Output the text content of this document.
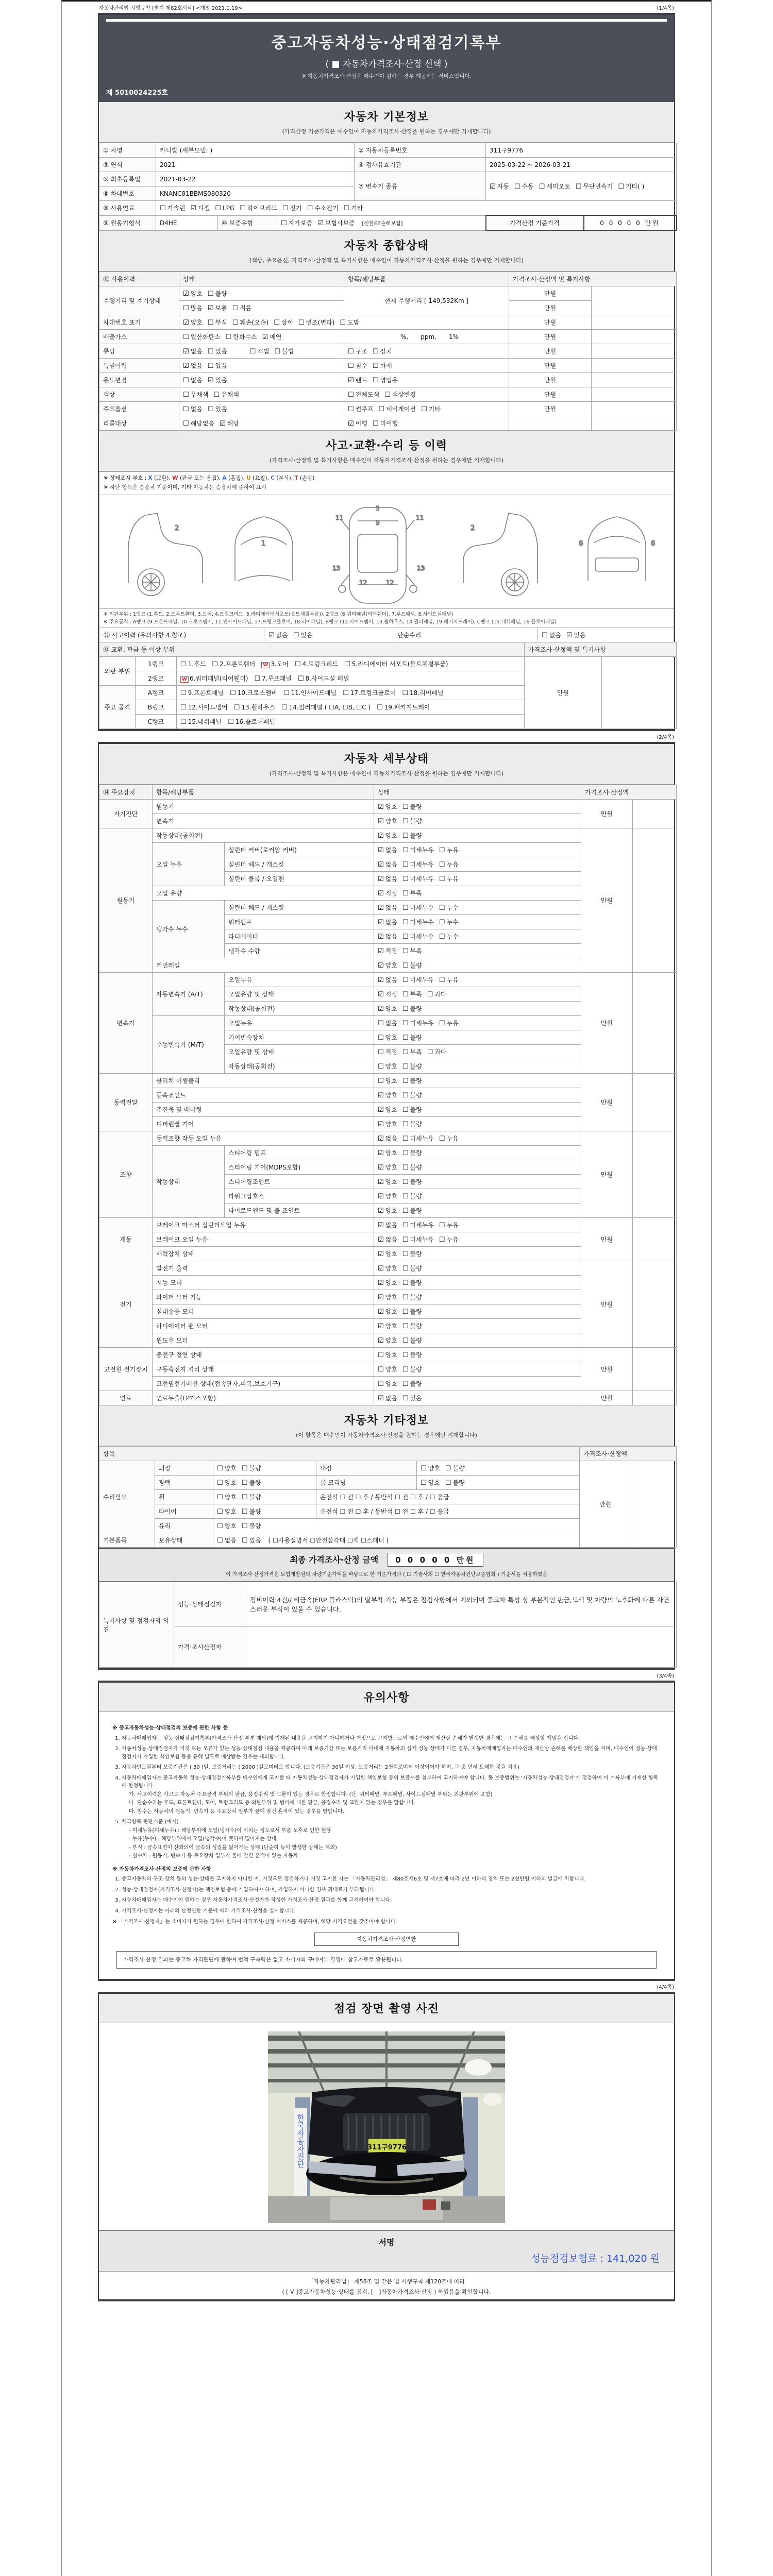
자동차관리법 시행규칙 [별지 제82호서식] <개정 2021.1.19>	(1/4쪽)
중고자동차성능·상태점검기록부
( ■ 자동차가격조사·산정 선택 )
※ 자동차가격조사·산정은 매수인이 원하는 경우 제공하는 서비스입니다.
제 5010024225호
자동차 기본정보
(가격산정 기준가격은 매수인이 자동차가격조사·산정을 원하는 경우에만 기재합니다)
① 차명	카니발 (세부모델: )			② 자동차등록번호	311구9776	
③ 연식	2021			④ 검사유효기간	2025-03-22 ~ 2026-03-21	
⑤ 최초등록일	2021-03-22			⑦ 변속기 종류	☑ 자동 ☐ 수동 ☐ 세미오토 ☐ 무단변속기 ☐ 기타( )	
⑥ 차대번호	KNANC81BBMS080320					
⑧ 사용연료	☐ 가솔린 ☑ 디젤 ☐ LPG ☐ 하이브리드 ☐ 전기 ☐ 수소전기 ☐ 기타					
⑨ 원동기형식	D4HE	⑩ 보증유형	☐ 자가보증 ☑ 보험사보증 [신한EZ손해보험]		가격산정 기준가격	0 0 0 0 0 만원
자동차 종합상태
(색상, 주요옵션, 가격조사·산정액 및 특기사항은 매수인이 자동차가격조사·산정을 원하는 경우에만 기재합니다)
⑪ 사용이력	상태	항목/해당부품	가격조사·산정액 및 특기사항	
주행거리 및 계기상태	☑ 양호 ☐ 불량	현재 주행거리 [ 149,532Km ]	만원	
	☐ 많음 ☑ 보통 ☐ 적음		만원	
차대번호 표기	☑ 양호 ☐ 부식 ☐ 훼손(오손) ☐ 상이 ☐ 변조(변타) ☐ 도말		만원	
배출가스	☐ 일산화탄소 ☐ 탄화수소 ☑ 매연	　%,　　ppm,　　1%	만원	
튜닝	☑ 없음 ☐ 있음 ☐ 적법 ☐ 불법	☐ 구조 ☐ 장치	만원	
특별이력	☑ 없음 ☐ 있음	☐ 침수 ☐ 화재	만원	
용도변경	☐ 없음 ☑ 있음	☑ 렌트 ☐ 영업용	만원	
색상	☐ 무채색 ☐ 유채색	☐ 전체도색 ☐ 색상변경	만원	
주요옵션	☐ 없음 ☐ 있음	☐ 썬루프 ☐ 네비게이션 ☐ 기타	만원	
리콜대상	☐ 해당없음 ☑ 해당	☑ 이행 ☐ 미이행		
사고·교환·수리 등 이력
(가격조사·산정액 및 특기사항은 매수인이 자동차가격조사·산정을 원하는 경우에만 기재합니다)
※ 상태표시 부호 : X (교환), W (판금 또는 용접), A (흠집), U (요철), C (부식), T (손상)
※ 하단 항목은 승용차 기준이며, 기타 자동차는 승용차에 준하여 표시
2
1
5
9
11	11
13	13
12	12
2
6	6
※ 외판부위 : 1랭크 (1.후드, 2.프론트휀더, 3.도어, 4.트렁크리드, 5.라디에이터서포트(볼트체결부품)), 2랭크 (6.쿼터패널(리어휀더), 7.루프패널, 8.사이드실패널)
※ 주요골격 : A랭크 (9.프론트패널, 10.크로스멤버, 11.인사이드패널, 17.트렁크플로어, 18.리어패널), B랭크 (12.사이드멤버, 13.휠하우스, 14.필러패널, 19.패키지트레이), C랭크 (15.대쉬패널, 16.플로어패널)
⑫ 사고이력 (유의사항 4.참조)	☑ 없음 ☐ 있음	단순수리	☐ 없음 ☑ 있음
⑬ 교환, 판금 등 이상 부위			가격조사·산정액 및 특기사항	
외판 부위	1랭크	☐ 1.후드 ☐ 2.프론트휀더 W 3.도어 ☐ 4.트렁크리드 ☐ 5.라디에이터 서포트(볼트체결부품)	만원	
	2랭크	W 6.쿼터패널(리어휀더) ☐ 7.루프패널 ☐ 8.사이드실 패널		
주요 골격	A랭크	☐ 9.프론트패널 ☐ 10.크로스멤버 ☐ 11.인사이드패널 ☐ 17.트렁크플로어 ☐ 18.리어패널		
	B랭크	☐ 12.사이드멤버 ☐ 13.휠하우스 ☐ 14.필러패널 ( ☐A, ☐B, ☐C ) ☐ 19.패키지트레이		
	C랭크	☐ 15.대쉬패널 ☐ 16.플로어패널		
(2/4쪽)
자동차 세부상태
(가격조사·산정액 및 특기사항은 매수인이 자동차가격조사·산정을 원하는 경우에만 기재합니다)
⑭ 주요장치	항목/해당부품		상태	가격조사·산정액	
자기진단	원동기		☑ 양호 ☐ 불량	만원	
	변속기		☑ 양호 ☐ 불량		
원동기	작동상태(공회전)		☑ 양호 ☐ 불량	만원	
	오일 누유	실린더 커버(로커암 커버)	☑ 없음 ☐ 미세누유 ☐ 누유		
		실린더 헤드 / 개스킷	☑ 없음 ☐ 미세누유 ☐ 누유		
		실린더 블록 / 오일팬	☑ 없음 ☐ 미세누유 ☐ 누유		
	오일 유량		☑ 적정 ☐ 부족		
	냉각수 누수	실린더 헤드 / 개스킷	☑ 없음 ☐ 미세누수 ☐ 누수		
		워터펌프	☑ 없음 ☐ 미세누수 ☐ 누수		
		라디에이터	☑ 없음 ☐ 미세누수 ☐ 누수		
		냉각수 수량	☑ 적정 ☐ 부족		
	커먼레일		☑ 양호 ☐ 불량		
변속기	자동변속기 (A/T)	오일누유	☑ 없음 ☐ 미세누유 ☐ 누유	만원	
		오일유량 및 상태	☑ 적정 ☐ 부족 ☐ 과다		
		작동상태(공회전)	☑ 양호 ☐ 불량		
	수동변속기 (M/T)	오일누유	☐ 없음 ☐ 미세누유 ☐ 누유		
		기어변속장치	☐ 양호 ☐ 불량		
		오일유량 및 상태	☐ 적정 ☐ 부족 ☐ 과다		
		작동상태(공회전)	☐ 양호 ☐ 불량		
동력전달	클러치 어셈블리		☐ 양호 ☐ 불량	만원	
	등속죠인트		☑ 양호 ☐ 불량		
	추진축 및 베어링		☑ 양호 ☐ 불량		
	디퍼렌셜 기어		☑ 양호 ☐ 불량		
조향	동력조향 작동 오일 누유		☑ 없음 ☐ 미세누유 ☐ 누유	만원	
	작동상태	스티어링 펌프	☑ 양호 ☐ 불량		
		스티어링 기어(MDPS포함)	☑ 양호 ☐ 불량		
		스티어링조인트	☑ 양호 ☐ 불량		
		파워고압호스	☑ 양호 ☐ 불량		
		타이로드엔드 및 볼 조인트	☑ 양호 ☐ 불량		
제동	브레이크 마스터 실린더오일 누유		☑ 없음 ☐ 미세누유 ☐ 누유	만원	
	브레이크 오일 누유		☑ 없음 ☐ 미세누유 ☐ 누유		
	배력장치 상태		☑ 양호 ☐ 불량		
전기	발전기 출력		☑ 양호 ☐ 불량	만원	
	시동 모터		☑ 양호 ☐ 불량		
	와이퍼 모터 기능		☑ 양호 ☐ 불량		
	실내송풍 모터		☑ 양호 ☐ 불량		
	라디에이터 팬 모터		☑ 양호 ☐ 불량		
	윈도우 모터		☑ 양호 ☐ 불량		
고전원 전기장치	충전구 절연 상태		☐ 양호 ☐ 불량	만원	
	구동축전지 격리 상태		☐ 양호 ☐ 불량		
	고전원전기배선 상태(접속단자,피복,보호기구)		☐ 양호 ☐ 불량		
연료	연료누출(LP가스포함)		☑ 없음 ☐ 있음	만원	
자동차 기타정보
(이 항목은 매수인이 자동차가격조사·산정을 원하는 경우에만 기재합니다)
항목					가격조사·산정액	
수리필요	외장	☐ 양호 ☐ 불량	내장	☐ 양호 ☐ 불량	만원	
	광택	☐ 양호 ☐ 불량	룸 크리닝	☐ 양호 ☐ 불량		
	휠	☐ 양호 ☐ 불량	운전석 ☐ 전 ☐ 후 / 동반석 ☐ 전 ☐ 후 / ☐ 응급			
	타이어	☐ 양호 ☐ 불량	운전석 ☐ 전 ☐ 후 / 동반석 ☐ 전 ☐ 후 / ☐ 응급			
	유리	☐ 양호 ☐ 불량				
기본품목	보유상태	☐ 없음 ☐ 있음 ( ☐사용설명서 ☐안전삼각대 ☐잭 ☐스패너 )				
최종 가격조사·산정 금액 0 0 0 0 0 만원
이 가격조사·산정가격은 보험개발원의 차량기준가액을 바탕으로 한 기준가격과 ( ☐ 기술사회 ☐ 한국자동차진단보증협회 ) 기준서를 적용하였음
특기사항 및 점검자의 의견	성능·상태점검자	정비이력:4건// 비금속(FRP 플라스틱)의 탈부착 가능 부품은 점검사항에서 제외되며 중고차 특성 상 부분적인 판금,도색 및 차량의 노후화에 따른 자연스러운 부식이 있을 수 있습니다.
	가격·조사산정자	
(3/4쪽)
유의사항
※ 중고자동차성능·상태점검의 보증에 관한 사항 등
1. 자동차매매업자는 성능·상태점검기록부(가격조사·산정 부분 제외)에 기재된 내용을 고지하지 아니하거나 거짓으로 고지함으로써 매수인에게 재산상 손해가 발생한 경우에는 그 손해를 배상할 책임을 집니다.
2. 자동차성능·상태점검자가 거짓 또는 오류가 있는 성능·상태점검 내용을 제공하여 아래 보증기간 또는 보증거리 이내에 자동차의 실제 성능·상태가 다른 경우, 자동차매매업자는 매수인의 재산상 손해를 배상할 책임을 지며, 매수인이 성능·상태점검자가 가입한 책임보험 등을 통해 별도로 배상받는 경우는 제외합니다.
3. 자동차인도일부터 보증기간은 ( 30 )일, 보증거리는 ( 2000 )킬로미터로 합니다. (보증기간은 30일 이상, 보증거리는 2천킬로미터 이상이어야 하며, 그 중 먼저 도래한 것을 적용)
4. 자동차매매업자는 중고자동차 성능·상태점검기록부를 매수인에게 고지할 때 자동차성능·상태점검자가 가입한 책임보험 등의 보증서를 첨부하여 고지하여야 합니다. 동 보증범위는 '자동차성능·상태점검자'가 점검하여 이 기록부에 기재한 항목에 한정됩니다.
가. 사고이력은 사고로 자동차 주요골격 부위의 판금, 용접수리 및 교환이 있는 경우로 한정합니다. (단, 쿼터패널, 루프패널, 사이드실패널 부위는 외판부위에 포함)
나. 단순수리는 후드, 프론트휀더, 도어, 트렁크리드 등 외판부위 및 범퍼에 대한 판금, 용접수리 및 교환이 있는 경우를 말합니다.
다. 침수는 자동차의 원동기, 변속기 등 주요장치 일부가 물에 잠긴 흔적이 있는 경우를 말합니다.
5. 체크항목 판단기준 (예시)
- 미세누유(미세누수) : 해당부위에 오일(냉각수)이 비치는 정도로서 부품 노후로 인한 현상
- 누유(누수) : 해당부위에서 오일(냉각수)이 맺혀서 떨어지는 상태
- 부식 : 금속표면이 산화되어 금속의 성질을 잃어가는 상태 (단순히 녹이 발생한 상태는 제외)
- 침수차 : 원동기, 변속기 등 주요장치 일부가 물에 잠긴 흔적이 있는 자동차
※ 자동차가격조사·산정의 보증에 관한 사항
1. 중고자동차의 구조·장치 등의 성능·상태를 고지하지 아니한 자, 거짓으로 점검하거나 거짓 고지한 자는 「자동차관리법」 제80조제6호 및 제7호에 따라 2년 이하의 징역 또는 2천만원 이하의 벌금에 처합니다.
2. 성능·상태점검자(가격조사·산정자)는 책임보험 등에 가입하여야 하며, 가입하지 아니한 경우 과태료가 부과됩니다.
3. 자동차매매업자는 매수인이 원하는 경우 자동차가격조사·산정자가 작성한 가격조사·산정 결과를 함께 고지하여야 합니다.
4. 가격조사·산정자는 아래의 산정연한 기준에 따라 가격조사·산정을 실시합니다.
※ 「가격조사·산정자」는 소비자가 원하는 경우에 한하여 가격조사·산정 서비스를 제공하며, 해당 자격요건을 갖추어야 합니다.
자동차가격조사·산정연한
가격조사·산정 결과는 중고차 가격판단에 관하여 법적 구속력은 없고 소비자의 구매여부 결정에 참고자료로 활용됩니다.
(4/4쪽)
점검 장면 촬영 사진
한국자동차진단	311구9776
서명
성능점검보험료 : 141,020 원
「자동차관리법」 제58조 및 같은 법 시행규칙 제120조에 따라
( [ V ]중고자동차성능·상태를 점검, [　]자동차가격조사·산정 ) 하였음을 확인합니다.
